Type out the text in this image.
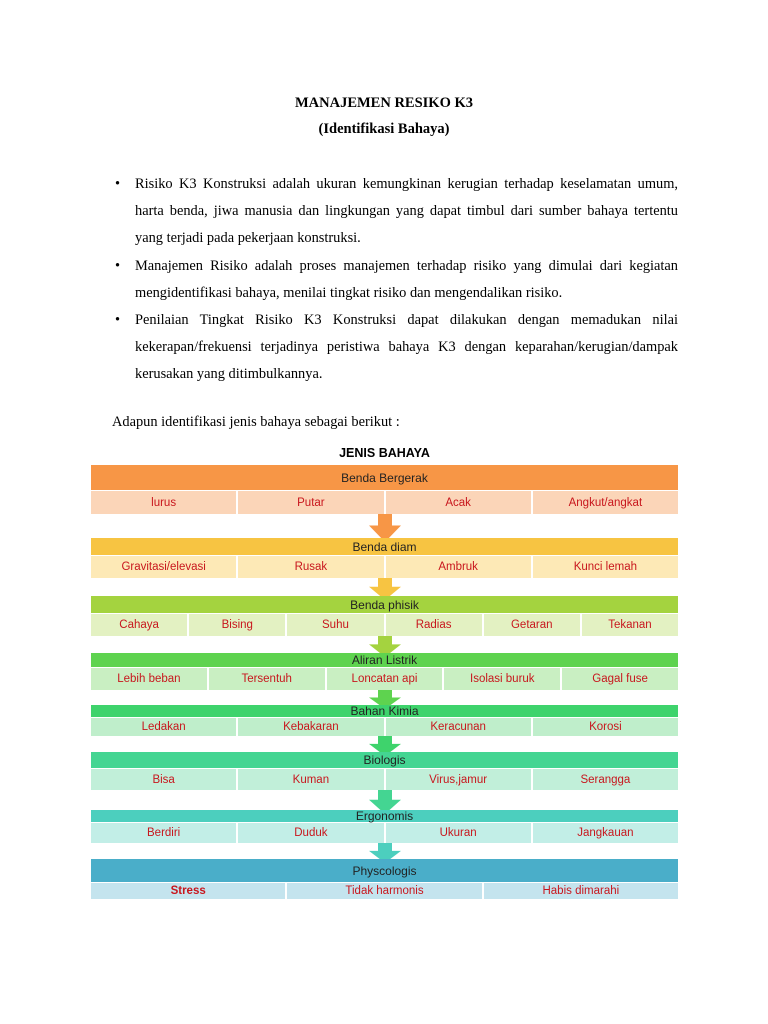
MANAJEMEN RESIKO K3
(Identifikasi Bahaya)
• Risiko K3 Konstruksi adalah ukuran kemungkinan kerugian terhadap keselamatan umum, harta benda, jiwa manusia dan lingkungan yang dapat timbul dari sumber bahaya tertentu yang terjadi pada pekerjaan konstruksi.
• Manajemen Risiko adalah proses manajemen terhadap risiko yang dimulai dari kegiatan mengidentifikasi bahaya, menilai tingkat risiko dan mengendalikan risiko.
• Penilaian Tingkat Risiko K3 Konstruksi dapat dilakukan dengan memadukan nilai kekerapan/frekuensi terjadinya peristiwa bahaya K3 dengan keparahan/kerugian/dampak kerusakan yang ditimbulkannya.
Adapun identifikasi jenis bahaya sebagai berikut :
JENIS BAHAYA
Benda Bergerak
lurus	Putar	Acak	Angkut/angkat
Benda diam
Gravitasi/elevasi	Rusak	Ambruk	Kunci lemah
Benda phisik
Cahaya	Bising	Suhu	Radias	Getaran	Tekanan
Aliran Listrik
Lebih beban	Tersentuh	Loncatan api	Isolasi buruk	Gagal fuse
Bahan Kimia
Ledakan	Kebakaran	Keracunan	Korosi
Biologis
Bisa	Kuman	Virus,jamur	Serangga
Ergonomis
Berdiri	Duduk	Ukuran	Jangkauan
Physcologis
Stress	Tidak harmonis	Habis dimarahi
